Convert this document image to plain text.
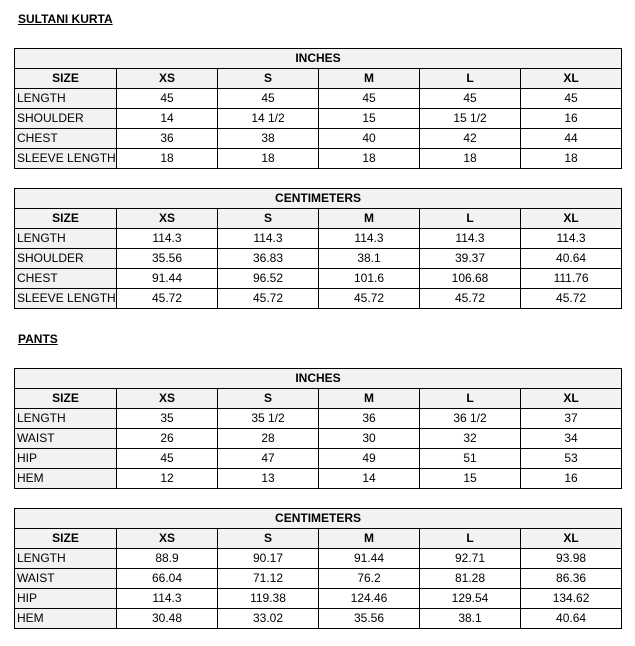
SULTANI KURTA
INCHES					
SIZE	XS	S	M	L	XL
LENGTH	45	45	45	45	45
SHOULDER	14	14 1/2	15	15 1/2	16
CHEST	36	38	40	42	44
SLEEVE LENGTH	18	18	18	18	18
CENTIMETERS					
SIZE	XS	S	M	L	XL
LENGTH	114.3	114.3	114.3	114.3	114.3
SHOULDER	35.56	36.83	38.1	39.37	40.64
CHEST	91.44	96.52	101.6	106.68	111.76
SLEEVE LENGTH	45.72	45.72	45.72	45.72	45.72
PANTS
INCHES					
SIZE	XS	S	M	L	XL
LENGTH	35	35 1/2	36	36 1/2	37
WAIST	26	28	30	32	34
HIP	45	47	49	51	53
HEM	12	13	14	15	16
CENTIMETERS					
SIZE	XS	S	M	L	XL
LENGTH	88.9	90.17	91.44	92.71	93.98
WAIST	66.04	71.12	76.2	81.28	86.36
HIP	114.3	119.38	124.46	129.54	134.62
HEM	30.48	33.02	35.56	38.1	40.64
